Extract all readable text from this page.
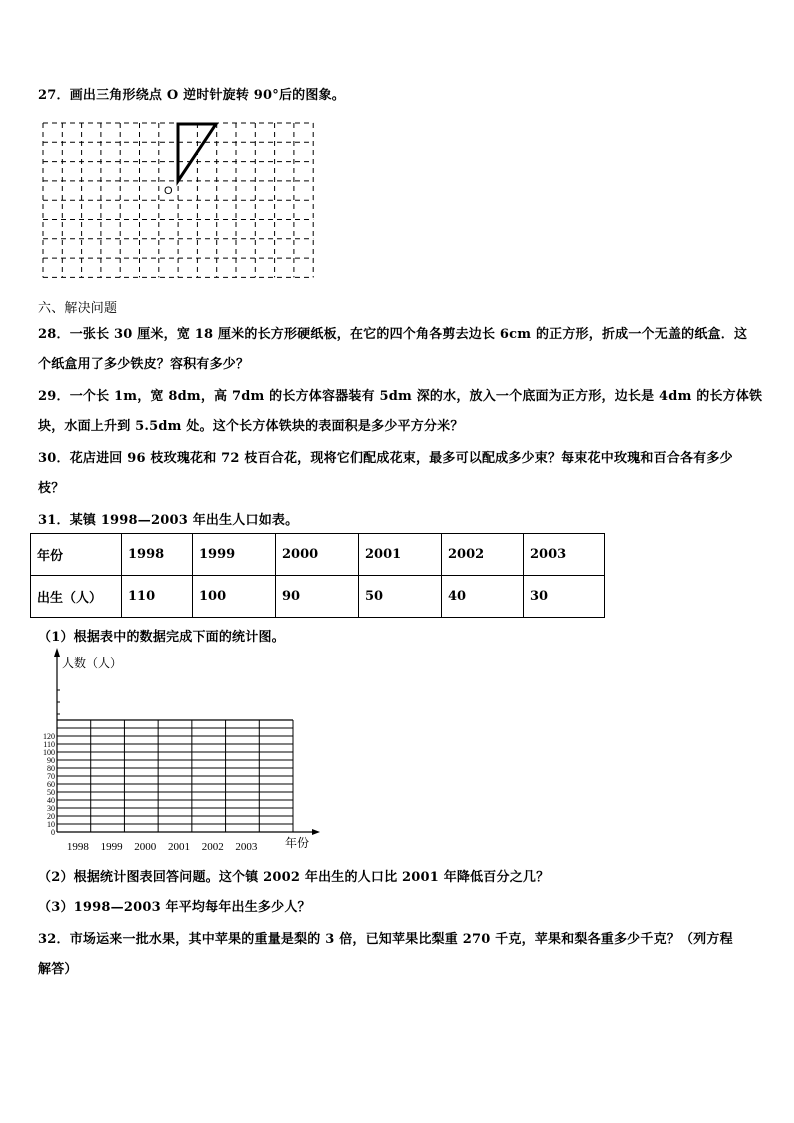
27．画出三角形绕点 O 逆时针旋转 90°后的图象。
O
0
10
20
30
40
50
60
70
80
90
100
110
120
1998 1999 2000 2001 2002 2003
人数（人）
年份
六、解决问题
28．一张长 30 厘米，宽 18 厘米的长方形硬纸板，在它的四个角各剪去边长 6cm 的正方形，折成一个无盖的纸盒．这
个纸盒用了多少铁皮？容积有多少？
29．一个长 1m，宽 8dm，高 7dm 的长方体容器装有 5dm 深的水，放入一个底面为正方形，边长是 4dm 的长方体铁
块，水面上升到 5.5dm 处。这个长方体铁块的表面积是多少平方分米？
30．花店进回 96 枝玫瑰花和 72 枝百合花，现将它们配成花束，最多可以配成多少束？每束花中玫瑰和百合各有多少
枝？
31．某镇 1998—2003 年出生人口如表。
年份	1998	1999	2000	2001	2002	2003
出生（人）	110	100	90	50	40	30
（1）根据表中的数据完成下面的统计图。
（2）根据统计图表回答问题。这个镇 2002 年出生的人口比 2001 年降低百分之几？
（3）1998—2003 年平均每年出生多少人？
32．市场运来一批水果，其中苹果的重量是梨的 3 倍，已知苹果比梨重 270 千克，苹果和梨各重多少千克？（列方程
解答）
